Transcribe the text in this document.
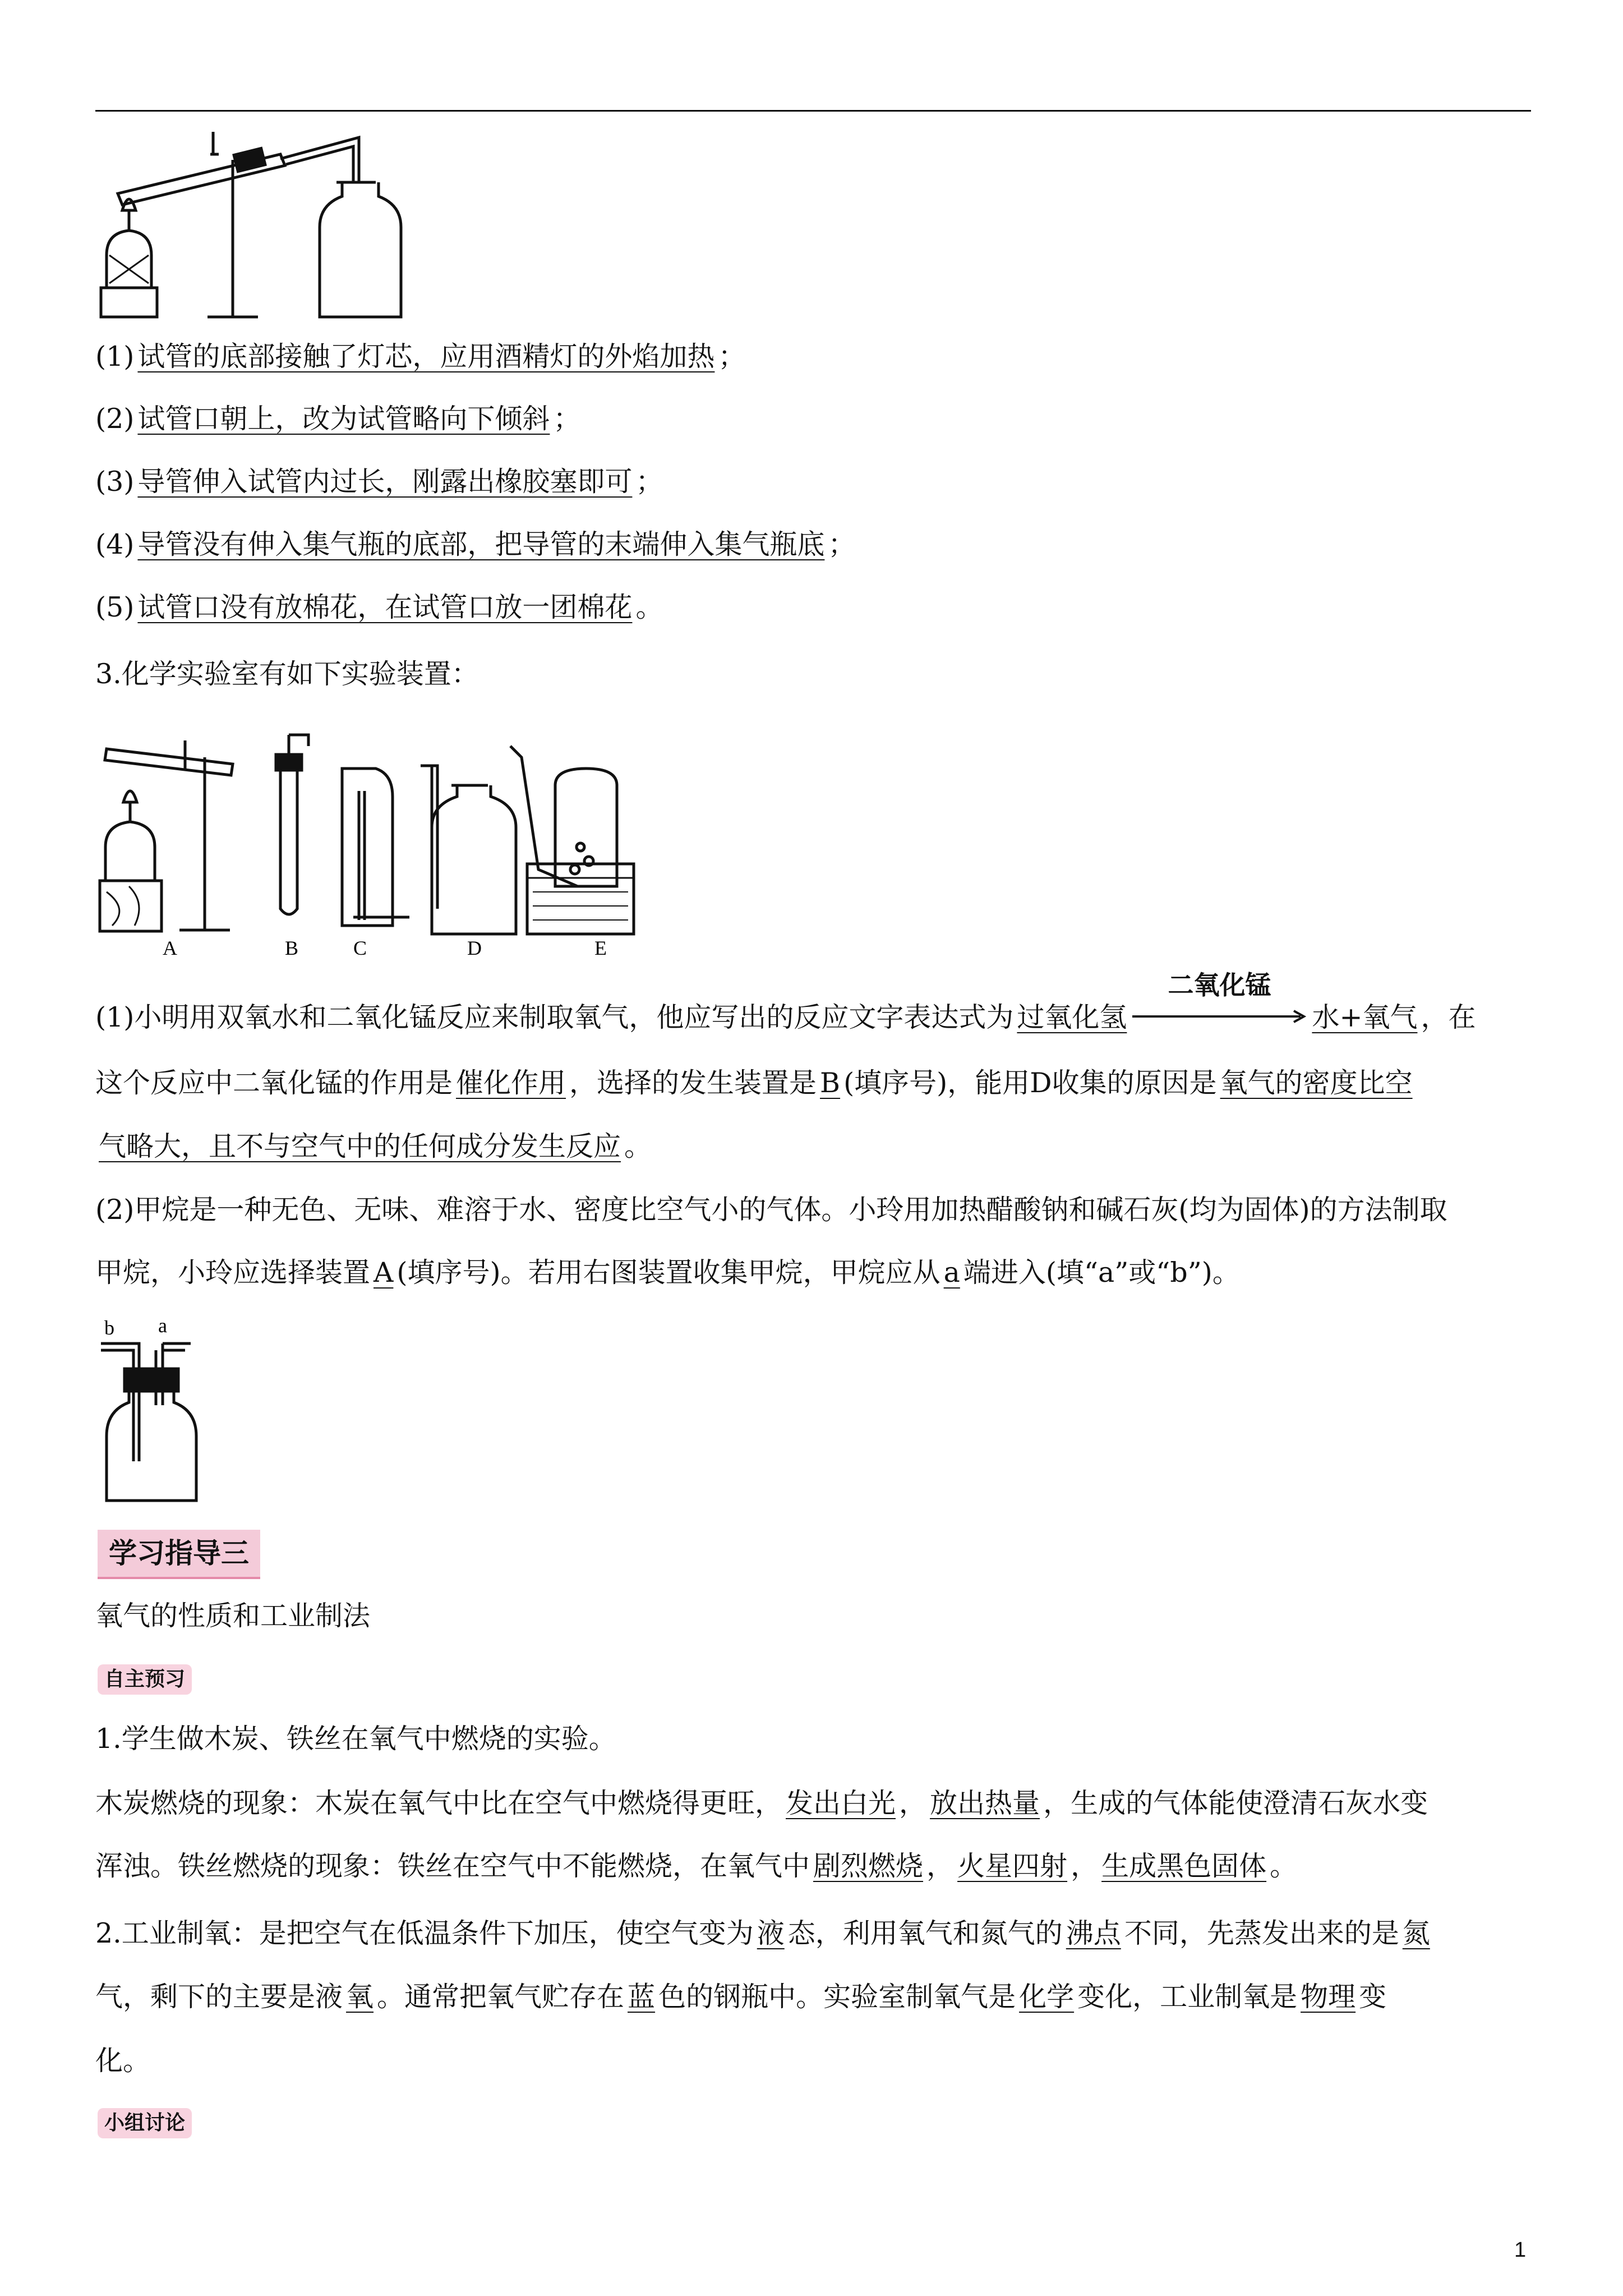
(1) 试管的底部接触了灯芯，应用酒精灯的外焰加热 ；
(2) 试管口朝上，改为试管略向下倾斜 ；
(3) 导管伸入试管内过长，刚露出橡胶塞即可 ；
(4) 导管没有伸入集气瓶的底部，把导管的末端伸入集气瓶底 ；
(5) 试管口没有放棉花，在试管口放一团棉花 。
3.化学实验室有如下实验装置：
A	B	C	D	E
(1)小明用双氧水和二氧化锰反应来制取氧气，他应写出的反应文字表达式为 过氧化氢
二氧化锰
水+氧气 ，在
这个反应中二氧化锰的作用是 催化作用 ，选择的发生装置是 B (填序号)，能用D收集的原因是 氧气的密度比空
气略大，且不与空气中的任何成分发生反应 。
(2)甲烷是一种无色、无味、难溶于水、密度比空气小的气体。小玲用加热醋酸钠和碱石灰(均为固体)的方法制取
甲烷，小玲应选择装置 A (填序号)。若用右图装置收集甲烷，甲烷应从 a 端进入(填“a”或“b”)。
b a
学习指导三
氧气的性质和工业制法
自主预习
1.学生做木炭、铁丝在氧气中燃烧的实验。
木炭燃烧的现象：木炭在氧气中比在空气中燃烧得更旺， 发出白光 ， 放出热量 ，生成的气体能使澄清石灰水变
浑浊。铁丝燃烧的现象：铁丝在空气中不能燃烧，在氧气中 剧烈燃烧 ， 火星四射 ， 生成黑色固体 。
2.工业制氧：是把空气在低温条件下加压，使空气变为 液 态，利用氧气和氮气的 沸点 不同，先蒸发出来的是 氮
气，剩下的主要是液 氧 。通常把氧气贮存在 蓝 色的钢瓶中。实验室制氧气是 化学 变化，工业制氧是 物理 变
化。
小组讨论
1
